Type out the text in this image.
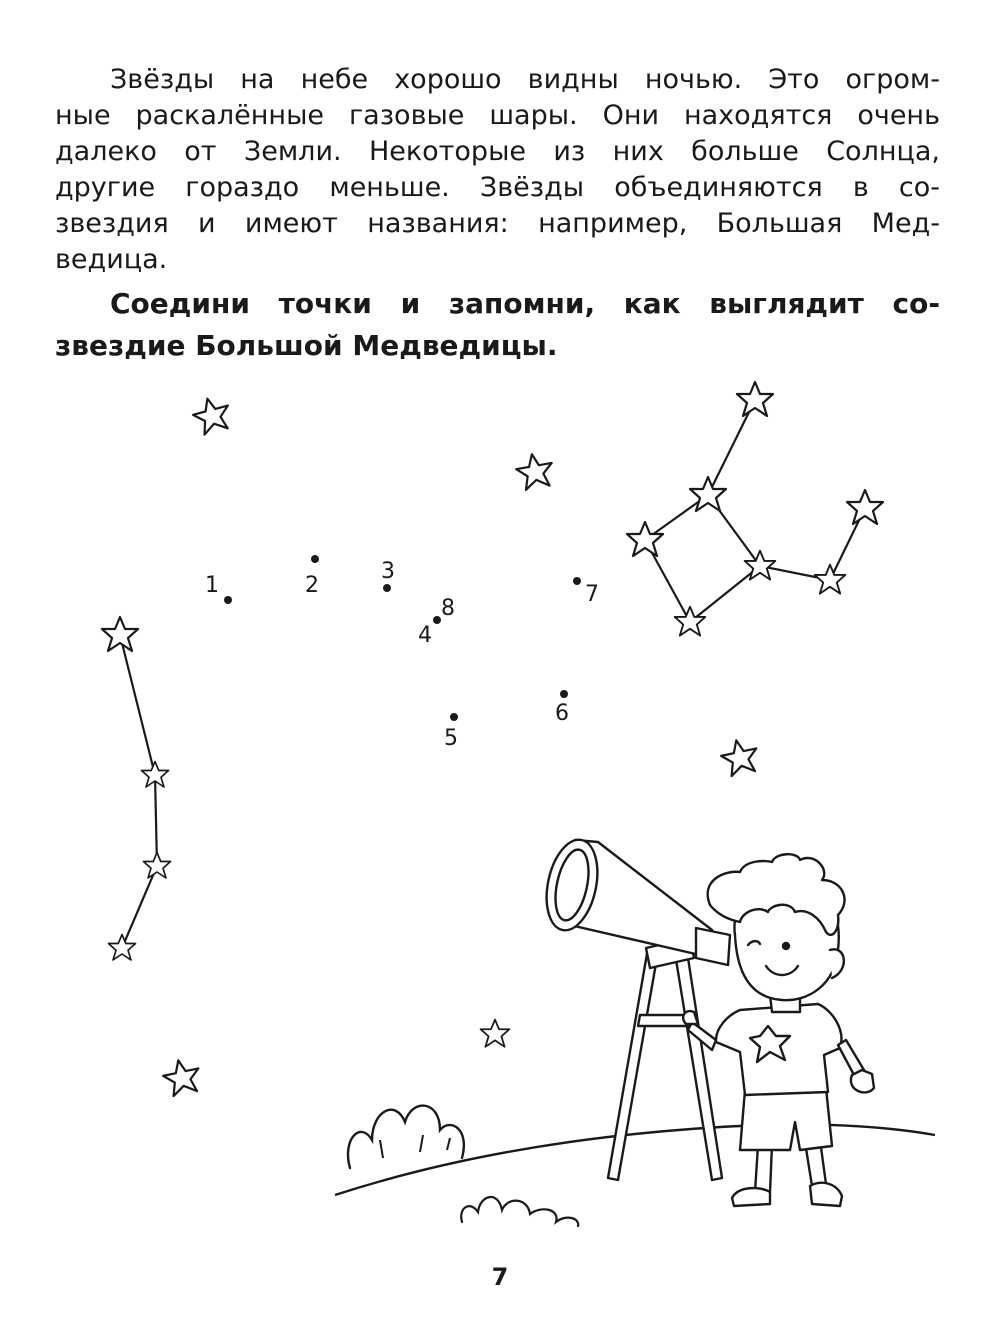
Звёзды на небе хорошо видны ночью. Это огром-
ные раскалённые газовые шары. Они находятся очень
далеко от Земли. Некоторые из них больше Солнца,
другие гораздо меньше. Звёзды объединяются в со-
звездия и имеют названия: например, Большая Мед-
ведица.
Соедини точки и запомни, как выглядит со-
звездие Большой Медведицы.
1	2
3
4
5
6
7
8
7
